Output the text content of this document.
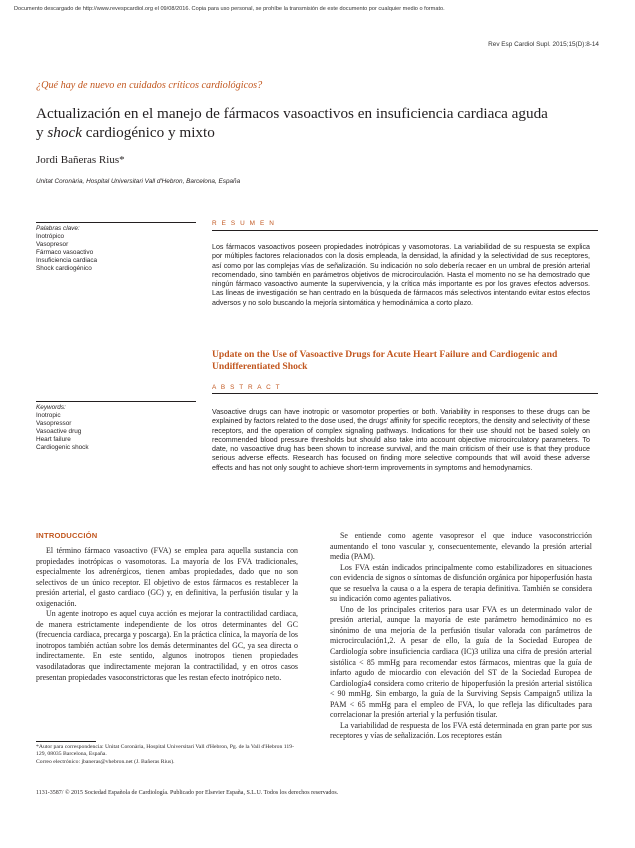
Documento descargado de http://www.revespcardiol.org el 09/08/2016. Copia para uso personal, se prohíbe la transmisión de este documento por cualquier medio o formato.
Rev Esp Cardiol Supl. 2015;15(D):8-14
¿Qué hay de nuevo en cuidados críticos cardiológicos?
Actualización en el manejo de fármacos vasoactivos en insuficiencia cardiaca aguda
y shock cardiogénico y mixto
Jordi Bañeras Rius*
Unitat Coronària, Hospital Universitari Vall d'Hebron, Barcelona, España
Palabras clave:
Inotrópico
Vasopresor
Fármaco vasoactivo
Insuficiencia cardiaca
Shock cardiogénico
R E S U M E N
Los fármacos vasoactivos poseen propiedades inotrópicas y vasomotoras. La variabilidad de su respuesta se explica por múltiples factores relacionados con la dosis empleada, la densidad, la afinidad y la selectividad de sus receptores, así como por las complejas vías de señalización. Su indicación no solo debería recaer en un umbral de presión arterial recomendado, sino también en parámetros objetivos de microcirculación. Hasta el momento no se ha demostrado que ningún fármaco vasoactivo aumente la supervivencia, y la crítica más importante es por los graves efectos adversos. Las líneas de investigación se han centrado en la búsqueda de fármacos más selectivos intentando evitar estos efectos adversos y no solo buscando la mejoría sintomática y hemodinámica a corto plazo.
Update on the Use of Vasoactive Drugs for Acute Heart Failure and Cardiogenic and Undifferentiated Shock
A B S T R A C T
Vasoactive drugs can have inotropic or vasomotor properties or both. Variability in responses to these drugs can be explained by factors related to the dose used, the drugs' affinity for specific receptors, the density and selectivity of these receptors, and the operation of complex signaling pathways. Indications for their use should not be based solely on recommended blood pressure thresholds but should also take into account objective microcirculatory parameters. To date, no vasoactive drug has been shown to increase survival, and the main criticism of their use is that they produce serious adverse effects. Research has focused on finding more selective compounds that will avoid these adverse effects and has not only sought to achieve short-term improvements in symptoms and hemodynamics.
Keywords:
Inotropic
Vasopressor
Vasoactive drug
Heart failure
Cardiogenic shock
INTRODUCCIÓN

El término fármaco vasoactivo (FVA) se emplea para aquella sustancia con propiedades inotrópicas o vasomotoras. La mayoría de los FVA tradicionales, especialmente los adrenérgicos, tienen ambas propiedades, dado que no son selectivos de un único receptor. El objetivo de estos fármacos es restablecer la presión arterial, el gasto cardiaco (GC) y, en definitiva, la perfusión tisular y la oxigenación.

Un agente inotropo es aquel cuya acción es mejorar la contractilidad cardiaca, de manera estrictamente independiente de los otros determinantes del GC (frecuencia cardiaca, precarga y poscarga). En la práctica clínica, la mayoría de los inotropos también actúan sobre los demás determinantes del GC, ya sea directa o indirectamente. En este sentido, algunos inotropos tienen propiedades vasodilatadoras que indirectamente mejoran la contractilidad, y en otros casos presentan propiedades vasoconstrictoras que les restan efecto inotrópico neto.

Se entiende como agente vasopresor el que induce vasoconstricción aumentando el tono vascular y, consecuentemente, elevando la presión arterial media (PAM).

Los FVA están indicados principalmente como estabilizadores en situaciones con evidencia de signos o síntomas de disfunción orgánica por hipoperfusión hasta que se resuelva la causa o a la espera de terapia definitiva. También se considera su indicación como agentes paliativos.

Uno de los principales criterios para usar FVA es un determinado valor de presión arterial, aunque la mayoría de este parámetro hemodinámico no es sinónimo de una mejoría de la perfusión tisular valorada con parámetros de microcirculación1,2. A pesar de ello, la guía de la Sociedad Europea de Cardiología sobre insuficiencia cardiaca (IC)3 utiliza una cifra de presión arterial sistólica < 85 mmHg para recomendar estos fármacos, mientras que la guía de infarto agudo de miocardio con elevación del ST de la Sociedad Europea de Cardiología4 considera como criterio de hipoperfusión la presión arterial sistólica < 90 mmHg. Sin embargo, la guía de la Surviving Sepsis Campaign5 utiliza la PAM < 65 mmHg para el empleo de FVA, lo que refleja las dificultades para correlacionar la presión arterial y la perfusión tisular.

La variabilidad de respuesta de los FVA está determinada en gran parte por sus receptores y vías de señalización. Los receptores están

*Autor para correspondencia: Unitat Coronària, Hospital Universitari Vall d'Hebron, Pg. de la Vall d'Hebron 119-129, 08035 Barcelona, España.

Correo electrónico: jbaneras@vhebron.net (J. Bañeras Rius).

1131-3587/ © 2015 Sociedad Española de Cardiología. Publicado por Elsevier España, S.L.U. Todos los derechos reservados.
